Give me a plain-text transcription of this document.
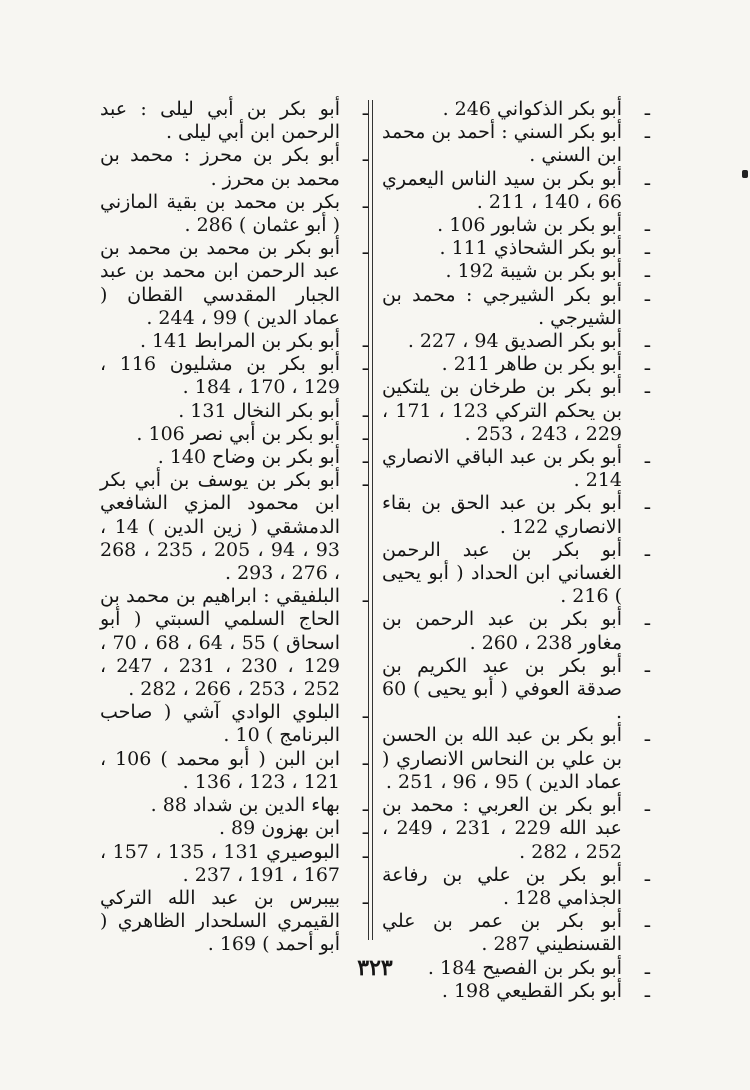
ـ
أبو بكر الذكواني 246 .

ـ
أبو بكر السني : أحمد بن محمد ابن السني .

ـ
أبو بكر بن سيد الناس اليعمري 66 ، 140 ، 211 .

ـ
أبو بكر بن شابور 106 .

ـ
أبو بكر الشحاذي 111 .

ـ
أبو بكر بن شيبة 192 .

ـ
أبو بكر الشيرجي : محمد بن الشيرجي .

ـ
أبو بكر الصديق 94 ، 227 .

ـ
أبو بكر بن طاهر 211 .

ـ
أبو بكر بن طرخان بن يلتكين بن يحكم التركي 123 ، 171 ، 229 ، 243 ، 253 .

ـ
أبو بكر بن عبد الباقي الانصاري 214 .

ـ
أبو بكر بن عبد الحق بن بقاء الانصاري 122 .

ـ
أبو بكر بن عبد الرحمن الغساني ابن الحداد ( أبو يحيى ) 216 .

ـ
أبو بكر بن عبد الرحمن بن مغاور 238 ، 260 .

ـ
أبو بكر بن عبد الكريم بن صدقة العوفي ( أبو يحيى ) 60 .

ـ
أبو بكر بن عبد الله بن الحسن بن علي بن النحاس الانصاري ( عماد الدين ) 95 ، 96 ، 251 .

ـ
أبو بكر بن العربي : محمد بن عبد الله 229 ، 231 ، 249 ، 252 ، 282 .

ـ
أبو بكر بن علي بن رفاعة الجذامي 128 .

ـ
أبو بكر بن عمر بن علي القسنطيني 287 .

ـ
أبو بكر بن الفصيح 184 .

ـ
أبو بكر القطيعي 198 .

ـ
أبو بكر بن أبي ليلى : عبد الرحمن ابن أبي ليلى .

ـ
أبو بكر بن محرز : محمد بن محمد بن محرز .

ـ
بكر بن محمد بن بقية المازني ( أبو عثمان ) 286 .

ـ
أبو بكر بن محمد بن محمد بن عبد الرحمن ابن محمد بن عبد الجبار المقدسي القطان ( عماد الدين ) 99 ، 244 .

ـ
أبو بكر بن المرابط 141 .

ـ
أبو بكر بن مشليون 116 ، 129 ، 170 ، 184 .

ـ
أبو بكر النخال 131 .

ـ
أبو بكر بن أبي نصر 106 .

ـ
أبو بكر بن وضاح 140 .

ـ
أبو بكر بن يوسف بن أبي بكر ابن محمود المزي الشافعي الدمشقي ( زين الدين ) 14 ، 93 ، 94 ، 205 ، 235 ، 268 ، 276 ، 293 .

ـ
البلفيقي : ابراهيم بن محمد بن الحاج السلمي السبتي ( أبو اسحاق ) 55 ، 64 ، 68 ، 70 ، 129 ، 230 ، 231 ، 247 ، 252 ، 253 ، 266 ، 282 .

ـ
البلوي الوادي آشي ( صاحب البرنامج ) 10 .

ـ
ابن البن ( أبو محمد ) 106 ، 121 ، 123 ، 136 .

ـ
بهاء الدين بن شداد 88 .

ـ
ابن بهزون 89 .

ـ
البوصيري 131 ، 135 ، 157 ، 167 ، 191 ، 237 .

ـ
بيبرس بن عبد الله التركي القيمري السلحدار الظاهري ( أبو أحمد ) 169 .

٣٢٣
